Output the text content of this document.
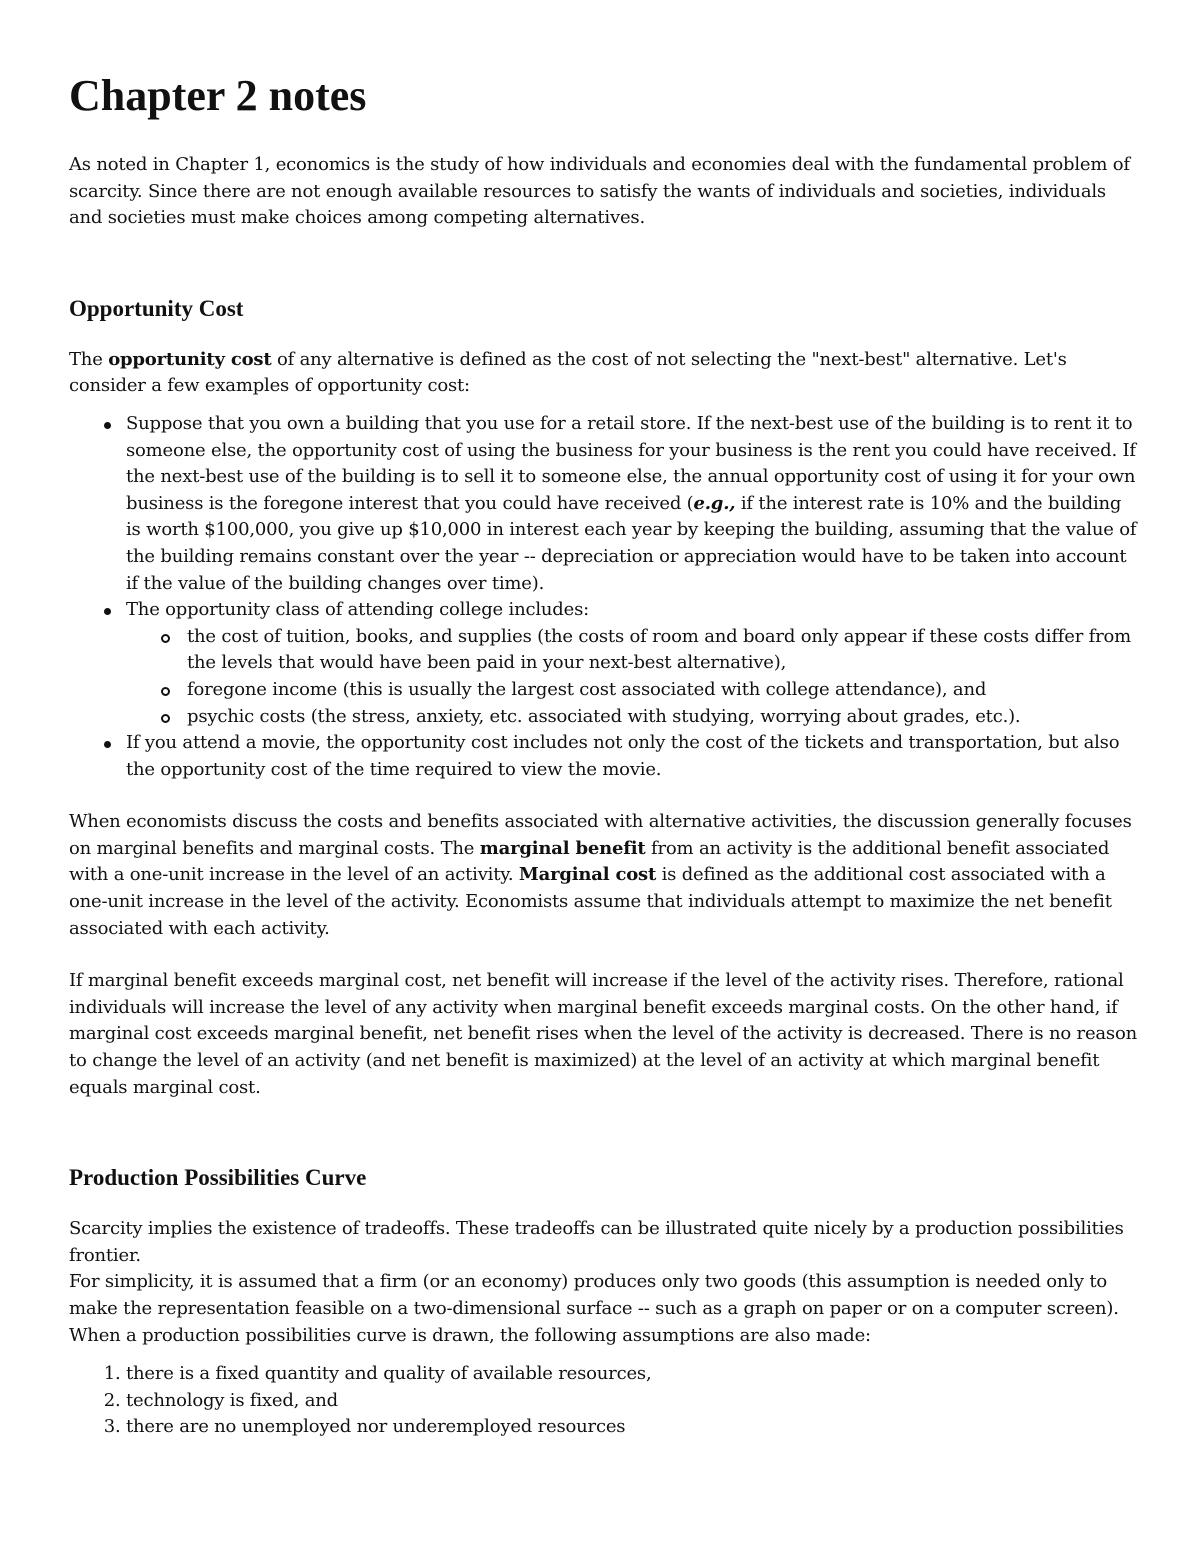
Chapter 2 notes

As noted in Chapter 1, economics is the study of how individuals and economies deal with the fundamental problem of scarcity. Since there are not enough available resources to satisfy the wants of individuals and societies, individuals and societies must make choices among competing alternatives.

Opportunity Cost

The opportunity cost of any alternative is defined as the cost of not selecting the "next-best" alternative. Let's consider a few examples of opportunity cost:

Suppose that you own a building that you use for a retail store. If the next-best use of the building is to rent it to someone else, the opportunity cost of using the business for your business is the rent you could have received. If the next-best use of the building is to sell it to someone else, the annual opportunity cost of using it for your own business is the foregone interest that you could have received (e.g., if the interest rate is 10% and the building is worth $100,000, you give up $10,000 in interest each year by keeping the building, assuming that the value of the building remains constant over the year -- depreciation or appreciation would have to be taken into account if the value of the building changes over time).
The opportunity class of attending college includes:
the cost of tuition, books, and supplies (the costs of room and board only appear if these costs differ from the levels that would have been paid in your next-best alternative),
foregone income (this is usually the largest cost associated with college attendance), and
psychic costs (the stress, anxiety, etc. associated with studying, worrying about grades, etc.).
If you attend a movie, the opportunity cost includes not only the cost of the tickets and transportation, but also the opportunity cost of the time required to view the movie.

When economists discuss the costs and benefits associated with alternative activities, the discussion generally focuses on marginal benefits and marginal costs. The marginal benefit from an activity is the additional benefit associated with a one-unit increase in the level of an activity. Marginal cost is defined as the additional cost associated with a one-unit increase in the level of the activity. Economists assume that individuals attempt to maximize the net benefit associated with each activity.

If marginal benefit exceeds marginal cost, net benefit will increase if the level of the activity rises. Therefore, rational individuals will increase the level of any activity when marginal benefit exceeds marginal costs. On the other hand, if marginal cost exceeds marginal benefit, net benefit rises when the level of the activity is decreased. There is no reason to change the level of an activity (and net benefit is maximized) at the level of an activity at which marginal benefit equals marginal cost.

Production Possibilities Curve

Scarcity implies the existence of tradeoffs. These tradeoffs can be illustrated quite nicely by a production possibilities frontier.

For simplicity, it is assumed that a firm (or an economy) produces only two goods (this assumption is needed only to make the representation feasible on a two-dimensional surface -- such as a graph on paper or on a computer screen). When a production possibilities curve is drawn, the following assumptions are also made:

1. there is a fixed quantity and quality of available resources,
2. technology is fixed, and
3. there are no unemployed nor underemployed resources
